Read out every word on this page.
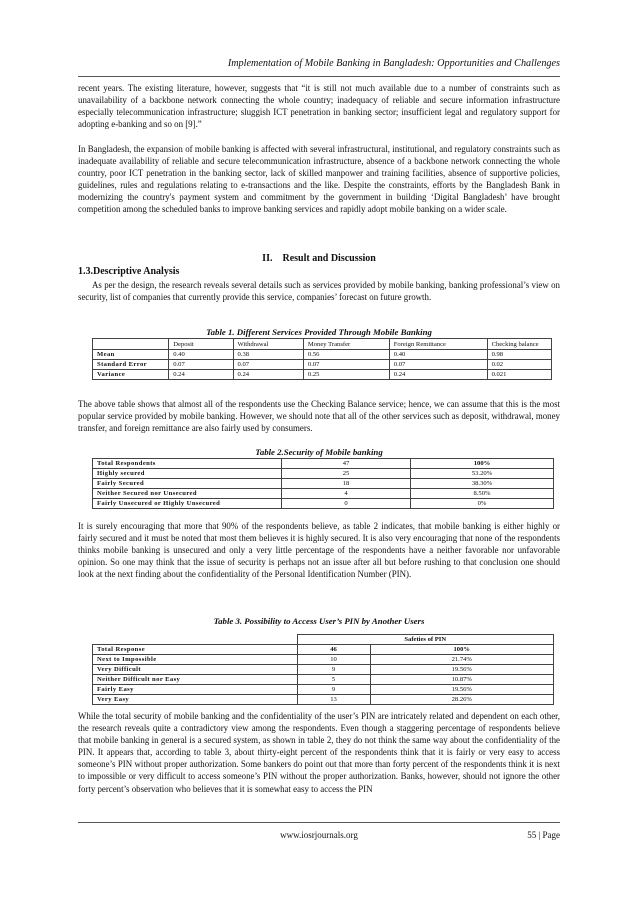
Implementation of Mobile Banking in Bangladesh: Opportunities and Challenges

recent years. The existing literature, however, suggests that “it is still not much available due to a number of constraints such as unavailability of a backbone network connecting the whole country; inadequacy of reliable and secure information infrastructure especially telecommunication infrastructure; sluggish ICT penetration in banking sector; insufficient legal and regulatory support for adopting e-banking and so on [9].”

In Bangladesh, the expansion of mobile banking is affected with several infrastructural, institutional, and regulatory constraints such as inadequate availability of reliable and secure telecommunication infrastructure, absence of a backbone network connecting the whole country, poor ICT penetration in the banking sector, lack of skilled manpower and training facilities, absence of supportive policies, guidelines, rules and regulations relating to e-transactions and the like. Despite the constraints, efforts by the Bangladesh Bank in modernizing the country's payment system and commitment by the government in building ‘Digital Bangladesh’ have brought competition among the scheduled banks to improve banking services and rapidly adopt mobile banking on a wider scale.

II. Result and Discussion
1.3.Descriptive Analysis

As per the design, the research reveals several details such as services provided by mobile banking, banking professional’s view on security, list of companies that currently provide this service, companies’ forecast on future growth.

Table 1. Different Services Provided Through Mobile Banking
	Deposit	Withdrawal	Money Transfer	Foreign Remittance	Checking balance
Mean	0.40	0.38	0.56	0.40	0.98
Standard Error	0.07	0.07	0.07	0.07	0.02
Variance	0.24	0.24	0.25	0.24	0.021

The above table shows that almost all of the respondents use the Checking Balance service; hence, we can assume that this is the most popular service provided by mobile banking. However, we should note that all of the other services such as deposit, withdrawal, money transfer, and foreign remittance are also fairly used by consumers.

Table 2.Security of Mobile banking
Total Respondents	47	100%
Highly secured	25	53.20%
Fairly Secured	18	38.30%
Neither Secured nor Unsecured	4	8.50%
Fairly Unsecured or Highly Unsecured	0	0%

It is surely encouraging that more that 90% of the respondents believe, as table 2 indicates, that mobile banking is either highly or fairly secured and it must be noted that most them believes it is highly secured. It is also very encouraging that none of the respondents thinks mobile banking is unsecured and only a very little percentage of the respondents have a neither favorable nor unfavorable opinion. So one may think that the issue of security is perhaps not an issue after all but before rushing to that conclusion one should look at the next finding about the confidentiality of the Personal Identification Number (PIN).

Table 3. Possibility to Access User’s PIN by Another Users
	Safeties of PIN	
Total Response	46	100%
Next to Impossible	10	21.74%
Very Difficult	9	19.56%
Neither Difficult nor Easy	5	10.87%
Fairly Easy	9	19.56%
Very Easy	13	28.26%

While the total security of mobile banking and the confidentiality of the user’s PIN are intricately related and dependent on each other, the research reveals quite a contradictory view among the respondents. Even though a staggering percentage of respondents believe that mobile banking in general is a secured system, as shown in table 2, they do not think the same way about the confidentiality of the PIN. It appears that, according to table 3, about thirty-eight percent of the respondents think that it is fairly or very easy to access someone’s PIN without proper authorization. Some bankers do point out that more than forty percent of the respondents think it is next to impossible or very difficult to access someone’s PIN without the proper authorization. Banks, however, should not ignore the other forty percent’s observation who believes that it is somewhat easy to access the PIN

www.iosrjournals.org	55 | Page
